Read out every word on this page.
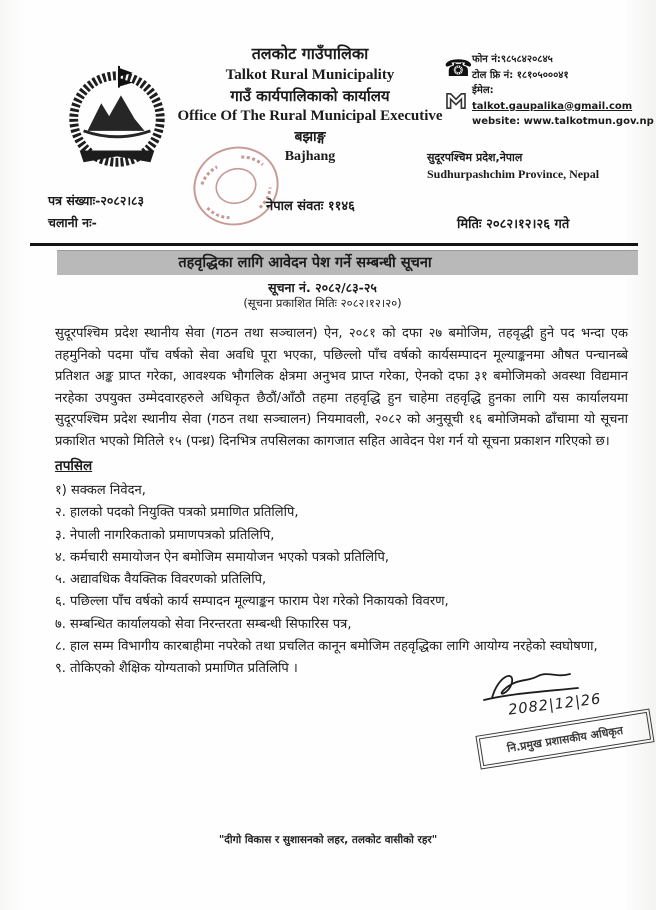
तलकोट गाउँपालिका
Talkot Rural Municipality
गाउँ कार्यपालिकाको कार्यालय
Office Of The Rural Municipal Executive
बझाङ्ग
Bajhang
☎ फोन नं:९८५८४२०८४५
टोल फ्रि नं: १८१०५०००४१
ईमेल: talkot.gaupalika@gmail.com
website: www.talkotmun.gov.np
सुदूरपश्चिम प्रदेश,नेपाल
Sudhurpashchim Province, Nepal
पत्र संख्याः-२०८२।८३
चलानी नः-
नेपाल संवतः ११४६
मितिः २०८२।१२।२६ गते
तहवृद्धिका लागि आवेदन पेश गर्ने सम्बन्धी सूचना
सूचना नं. २०८२/८३-२५
(सूचना प्रकाशित मितिः २०८२।१२।२०)
सुदूरपश्चिम प्रदेश स्थानीय सेवा (गठन तथा सञ्चालन) ऐन, २०८१ को दफा २७ बमोजिम, तहवृद्धी हुने पद भन्दा एक तहमुनिको पदमा पाँच वर्षको सेवा अवधि पूरा भएका, पछिल्लो पाँच वर्षको कार्यसम्पादन मूल्याङ्कनमा औषत पन्चानब्बे प्रतिशत अङ्क प्राप्त गरेका, आवश्यक भौगलिक क्षेत्रमा अनुभव प्राप्त गरेका, ऐनको दफा ३१ बमोजिमको अवस्था विद्यमान नरहेका उपयुक्त उम्मेदवारहरुले अधिकृत छैठौं/आँठौ तहमा तहवृद्धि हुन चाहेमा तहवृद्धि हुनका लागि यस कार्यालयमा सुदूरपश्चिम प्रदेश स्थानीय सेवा (गठन तथा सञ्चालन) नियमावली, २०८२ को अनुसूची १६ बमोजिमको ढाँचामा यो सूचना प्रकाशित भएको मितिले १५ (पन्ध्र) दिनभित्र तपसिलका कागजात सहित आवेदन पेश गर्न यो सूचना प्रकाशन गरिएको छ।
तपसिल
१) सक्कल निवेदन,
२. हालको पदको नियुक्ति पत्रको प्रमाणित प्रतिलिपि,
३. नेपाली नागरिकताको प्रमाणपत्रको प्रतिलिपि,
४. कर्मचारी समायोजन ऐन बमोजिम समायोजन भएको पत्रको प्रतिलिपि,
५. अद्यावधिक वैयक्तिक विवरणको प्रतिलिपि,
६. पछिल्ला पाँच वर्षको कार्य सम्पादन मूल्याङ्कन फाराम पेश गरेको निकायको विवरण,
७. सम्बन्धित कार्यालयको सेवा निरन्तरता सम्बन्धी सिफारिस पत्र,
८. हाल सम्म विभागीय कारबाहीमा नपरेको तथा प्रचलित कानून बमोजिम तहवृद्धिका लागि आयोग्य नरहेको स्वघोषणा,
९. तोकिएको शैक्षिक योग्यताको प्रमाणित प्रतिलिपि ।
2082|12|26
नि.प्रमुख प्रशासकीय अधिकृत
"दीगो विकास र सुशासनको लहर, तलकोट वासीको रहर"
